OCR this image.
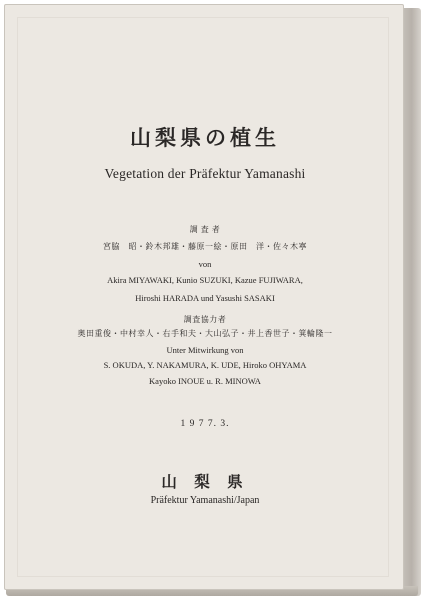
山梨県の植生
Vegetation der Präfektur Yamanashi
調 査 者
宮脇　昭・鈴木邦雄・藤原一絵・原田　洋・佐々木寧
von
Akira MIYAWAKI, Kunio SUZUKI, Kazue FUJIWARA,
Hiroshi HARADA und Yasushi SASAKI
調査協力者
奥田重俊・中村幸人・右手和夫・大山弘子・井上香世子・箕輪隆一
Unter Mitwirkung von
S. OKUDA, Y. NAKAMURA, K. UDE, Hiroko OHYAMA
Kayoko INOUE u. R. MINOWA
1 9 7 7. 3.
山 梨 県
Präfektur Yamanashi/Japan
